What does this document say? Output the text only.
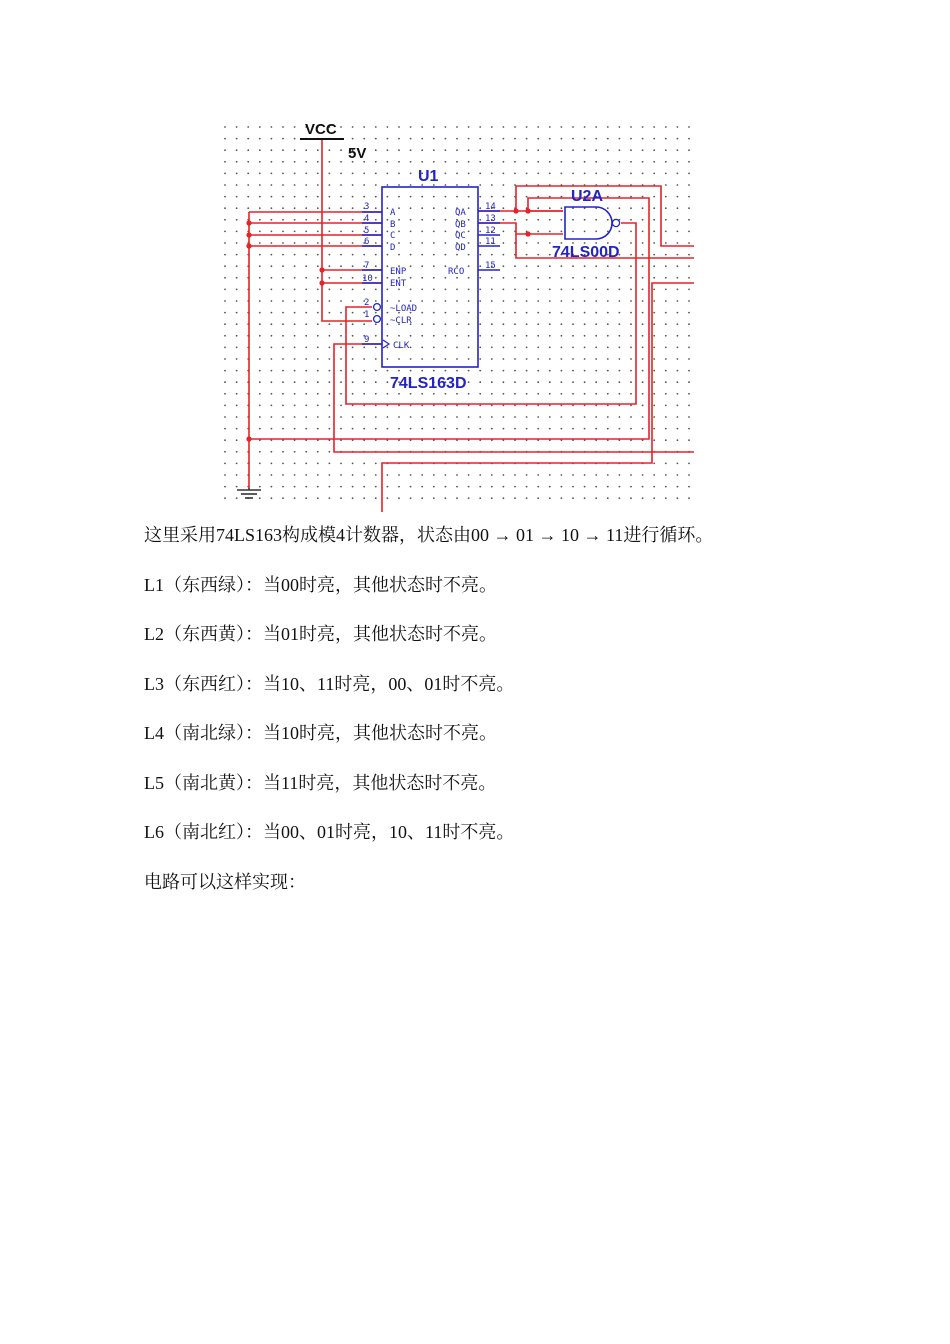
VCC
5V
U1
74LS163D
3
4
5
6
7
10
2
1
9
A
B
C
D
ENP
ENT
~LOAD
~CLR
CLK
14
13
12
11
15
QA
QB
QC
QD
RCO
U2A
74LS00D
这里采用74LS163构成模4计数器，状态由00 → 01 → 10 → 11进行循环。
L1（东西绿）：当00时亮，其他状态时不亮。
L2（东西黄）：当01时亮，其他状态时不亮。
L3（东西红）：当10、11时亮，00、01时不亮。
L4（南北绿）：当10时亮，其他状态时不亮。
L5（南北黄）：当11时亮，其他状态时不亮。
L6（南北红）：当00、01时亮，10、11时不亮。
电路可以这样实现：
